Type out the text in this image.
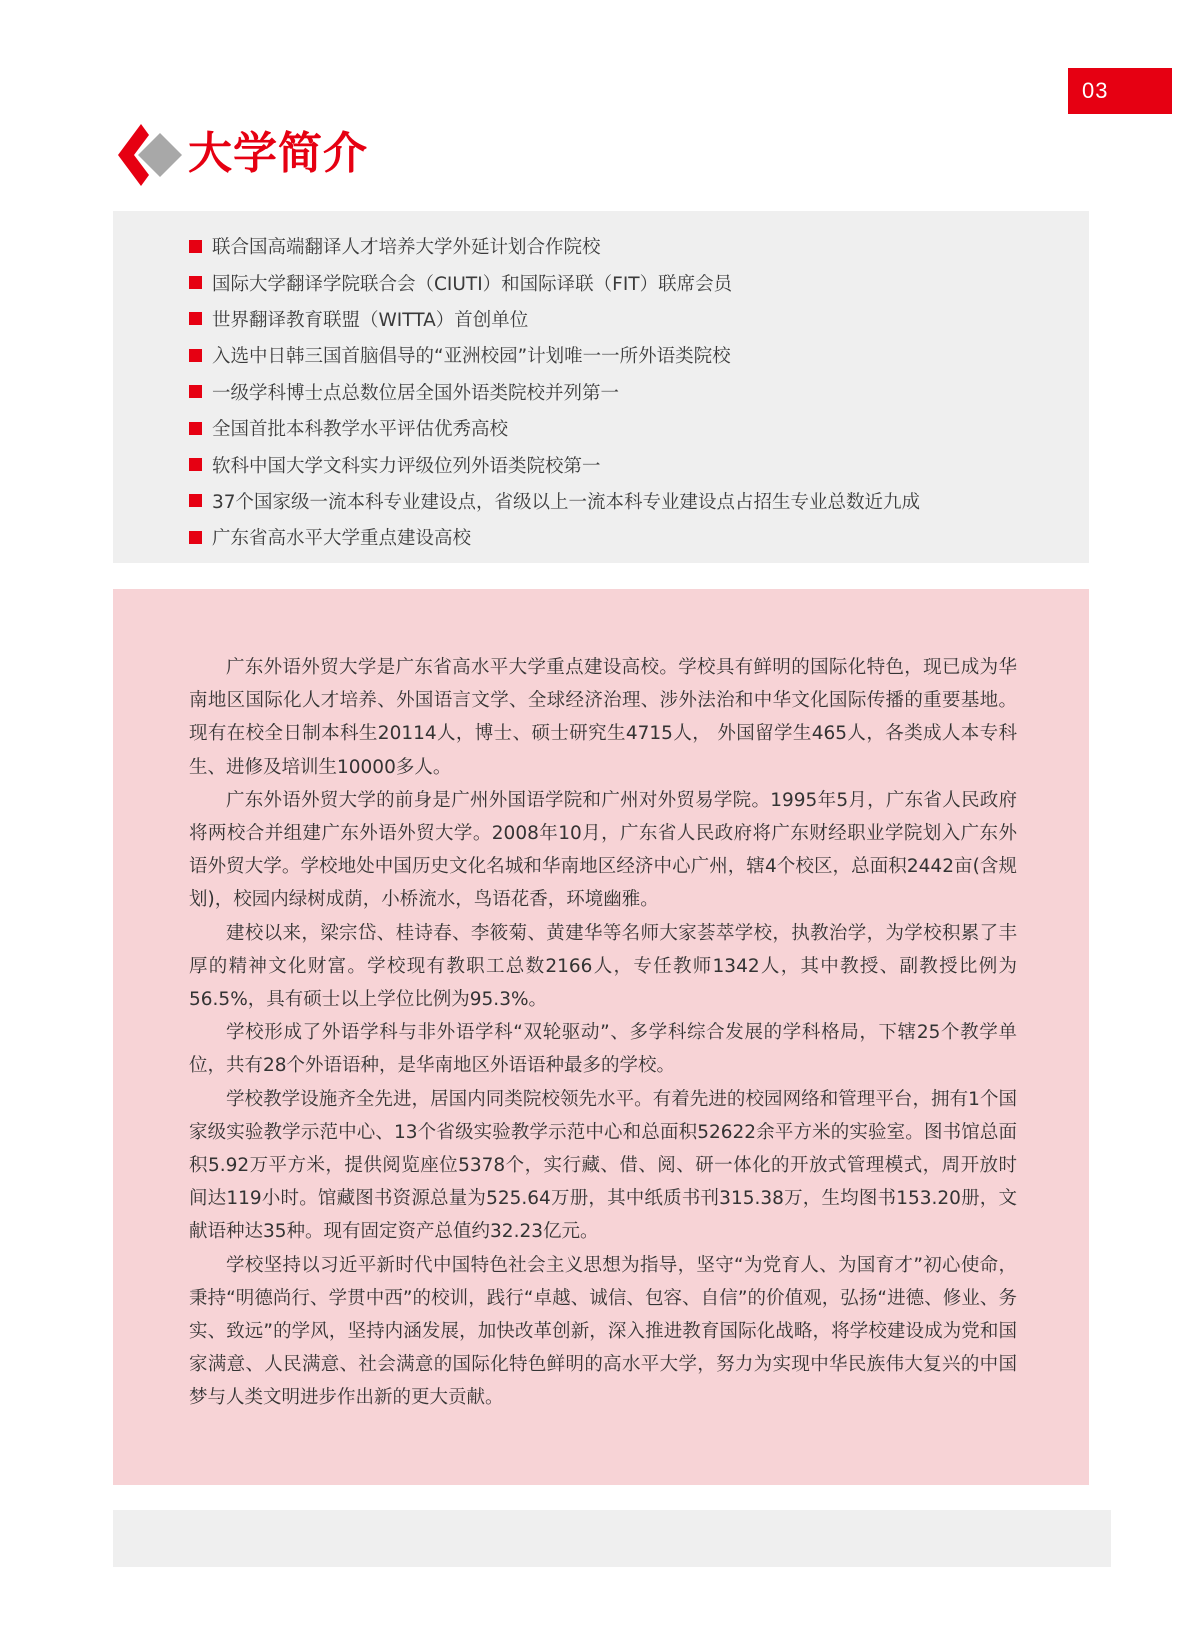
03
大学简介
联合国高端翻译人才培养大学外延计划合作院校
国际大学翻译学院联合会（CIUTI）和国际译联（FIT）联席会员
世界翻译教育联盟（WITTA）首创单位
入选中日韩三国首脑倡导的“亚洲校园”计划唯一一所外语类院校
一级学科博士点总数位居全国外语类院校并列第一
全国首批本科教学水平评估优秀高校
软科中国大学文科实力评级位列外语类院校第一
37个国家级一流本科专业建设点，省级以上一流本科专业建设点占招生专业总数近九成
广东省高水平大学重点建设高校

广东外语外贸大学是广东省高水平大学重点建设高校。学校具有鲜明的国际化特色，现已成为华南地区国际化人才培养、外国语言文学、全球经济治理、涉外法治和中华文化国际传播的重要基地。现有在校全日制本科生20114人，博士、硕士研究生4715人， 外国留学生465人，各类成人本专科生、进修及培训生10000多人。

广东外语外贸大学的前身是广州外国语学院和广州对外贸易学院。1995年5月，广东省人民政府将两校合并组建广东外语外贸大学。2008年10月，广东省人民政府将广东财经职业学院划入广东外语外贸大学。学校地处中国历史文化名城和华南地区经济中心广州，辖4个校区，总面积2442亩(含规划)，校园内绿树成荫，小桥流水，鸟语花香，环境幽雅。

建校以来，梁宗岱、桂诗春、李筱菊、黄建华等名师大家荟萃学校，执教治学，为学校积累了丰厚的精神文化财富。学校现有教职工总数2166人，专任教师1342人，其中教授、副教授比例为56.5%，具有硕士以上学位比例为95.3%。

学校形成了外语学科与非外语学科“双轮驱动”、多学科综合发展的学科格局，下辖25个教学单位，共有28个外语语种，是华南地区外语语种最多的学校。

学校教学设施齐全先进，居国内同类院校领先水平。有着先进的校园网络和管理平台，拥有1个国家级实验教学示范中心、13个省级实验教学示范中心和总面积52622余平方米的实验室。图书馆总面积5.92万平方米，提供阅览座位5378个，实行藏、借、阅、研一体化的开放式管理模式，周开放时间达119小时。馆藏图书资源总量为525.64万册，其中纸质书刊315.38万，生均图书153.20册，文献语种达35种。现有固定资产总值约32.23亿元。

学校坚持以习近平新时代中国特色社会主义思想为指导，坚守“为党育人、为国育才”初心使命，秉持“明德尚行、学贯中西”的校训，践行“卓越、诚信、包容、自信”的价值观，弘扬“进德、修业、务实、致远”的学风，坚持内涵发展，加快改革创新，深入推进教育国际化战略，将学校建设成为党和国家满意、人民满意、社会满意的国际化特色鲜明的高水平大学，努力为实现中华民族伟大复兴的中国梦与人类文明进步作出新的更大贡献。
